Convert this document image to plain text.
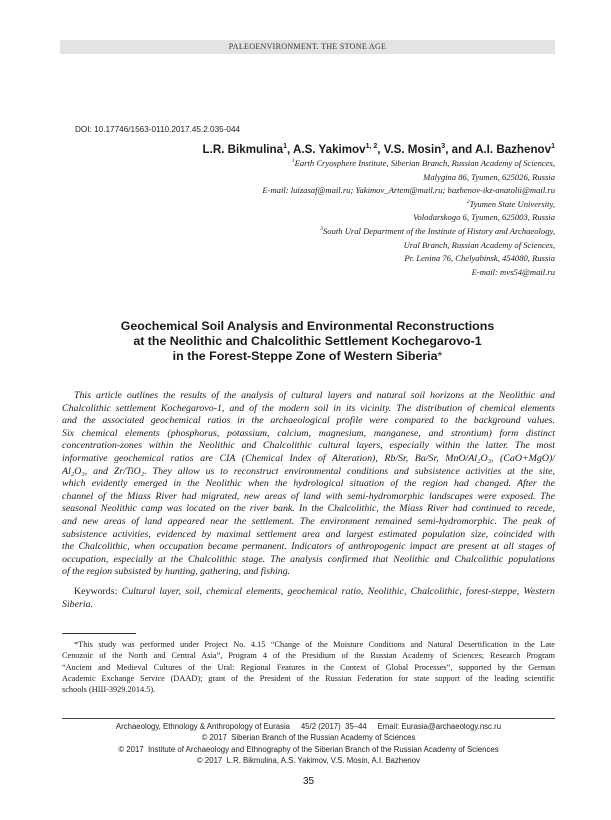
PALEOENVIRONMENT. THE STONE AGE
DOI: 10.17746/1563-0110.2017.45.2.035-044
L.R. Bikmulina$^1$, A.S. Yakimov$^{1, 2}$, V.S. Mosin$^3$, and A.I. Bazhenov$^1$
$^1$Earth Cryosphere Institute, Siberian Branch, Russian Academy of Sciences,
Malygina 86, Tyumen, 625026, Russia
E-mail: luizasaf@mail.ru; Yakimov_Artem@mail.ru; bazhenov-ikz-anatolii@mail.ru
$^2$Tyumen State University,
Volodarskogo 6, Tyumen, 625003, Russia
$^3$South Ural Department of the Institute of History and Archaeology,
Ural Branch, Russian Academy of Sciences,
Pr. Lenina 76, Chelyabinsk, 454080, Russia
E-mail: mvs54@mail.ru
Geochemical Soil Analysis and Environmental Reconstructions
at the Neolithic and Chalcolithic Settlement Kochegarovo-1
in the Forest-Steppe Zone of Western Siberia*
This article outlines the results of the analysis of cultural layers and natural soil horizons at the Neolithic and
Chalcolithic settlement Kochegarovo-1, and of the modern soil in its vicinity. The distribution of chemical elements
and the associated geochemical ratios in the archaeological profile were compared to the background values.
Six chemical elements (phosphorus, potassium, calcium, magnesium, manganese, and strontium) form distinct
concentration-zones within the Neolithic and Chalcolithic cultural layers, especially within the latter. The most
informative geochemical ratios are CIA (Chemical Index of Alteration), Rb/Sr, Ba/Sr, MnO/Al₂O₃, (CaO+MgO)/
Al₂O₃, and Zr/TiO₂. They allow us to reconstruct environmental conditions and subsistence activities at the site,
which evidently emerged in the Neolithic when the hydrological situation of the region had changed. After the
channel of the Miass River had migrated, new areas of land with semi-hydromorphic landscapes were exposed. The
seasonal Neolithic camp was located on the river bank. In the Chalcolithic, the Miass River had continued to recede,
and new areas of land appeared near the settlement. The environment remained semi-hydromorphic. The peak of
subsistence activities, evidenced by maximal settlement area and largest estimated population size, coincided with
the Chalcolithic, when occupation became permanent. Indicators of anthropogenic impact are present at all stages of
occupation, especially at the Chalcolithic stage. The analysis confirmed that Neolithic and Chalcolithic populations
of the region subsisted by hunting, gathering, and fishing.
Keywords: Cultural layer, soil, chemical elements, geochemical ratio, Neolithic, Chalcolithic, forest-steppe, Western
Siberia.
*This study was performed under Project No. 4.15 “Change of the Moisture Conditions and Natural Desertification in the Late
Cenozoic of the North and Central Asia”, Program 4 of the Presidium of the Russian Academy of Sciences; Research Program
“Ancient and Medieval Cultures of the Ural: Regional Features in the Context of Global Processes”, supported by the German
Academic Exchange Service (DAAD); grant of the President of the Russian Federation for state support of the leading scientific
schools (НШ-3929.2014.5).
Archaeology, Ethnology & Anthropology of Eurasia     45/2 (2017)  35–44     Email: Eurasia@archaeology.nsc.ru
© 2017  Siberian Branch of the Russian Academy of Sciences
© 2017  Institute of Archaeology and Ethnography of the Siberian Branch of the Russian Academy of Sciences
© 2017  L.R. Bikmulina, A.S. Yakimov, V.S. Mosin, A.I. Bazhenov
35
